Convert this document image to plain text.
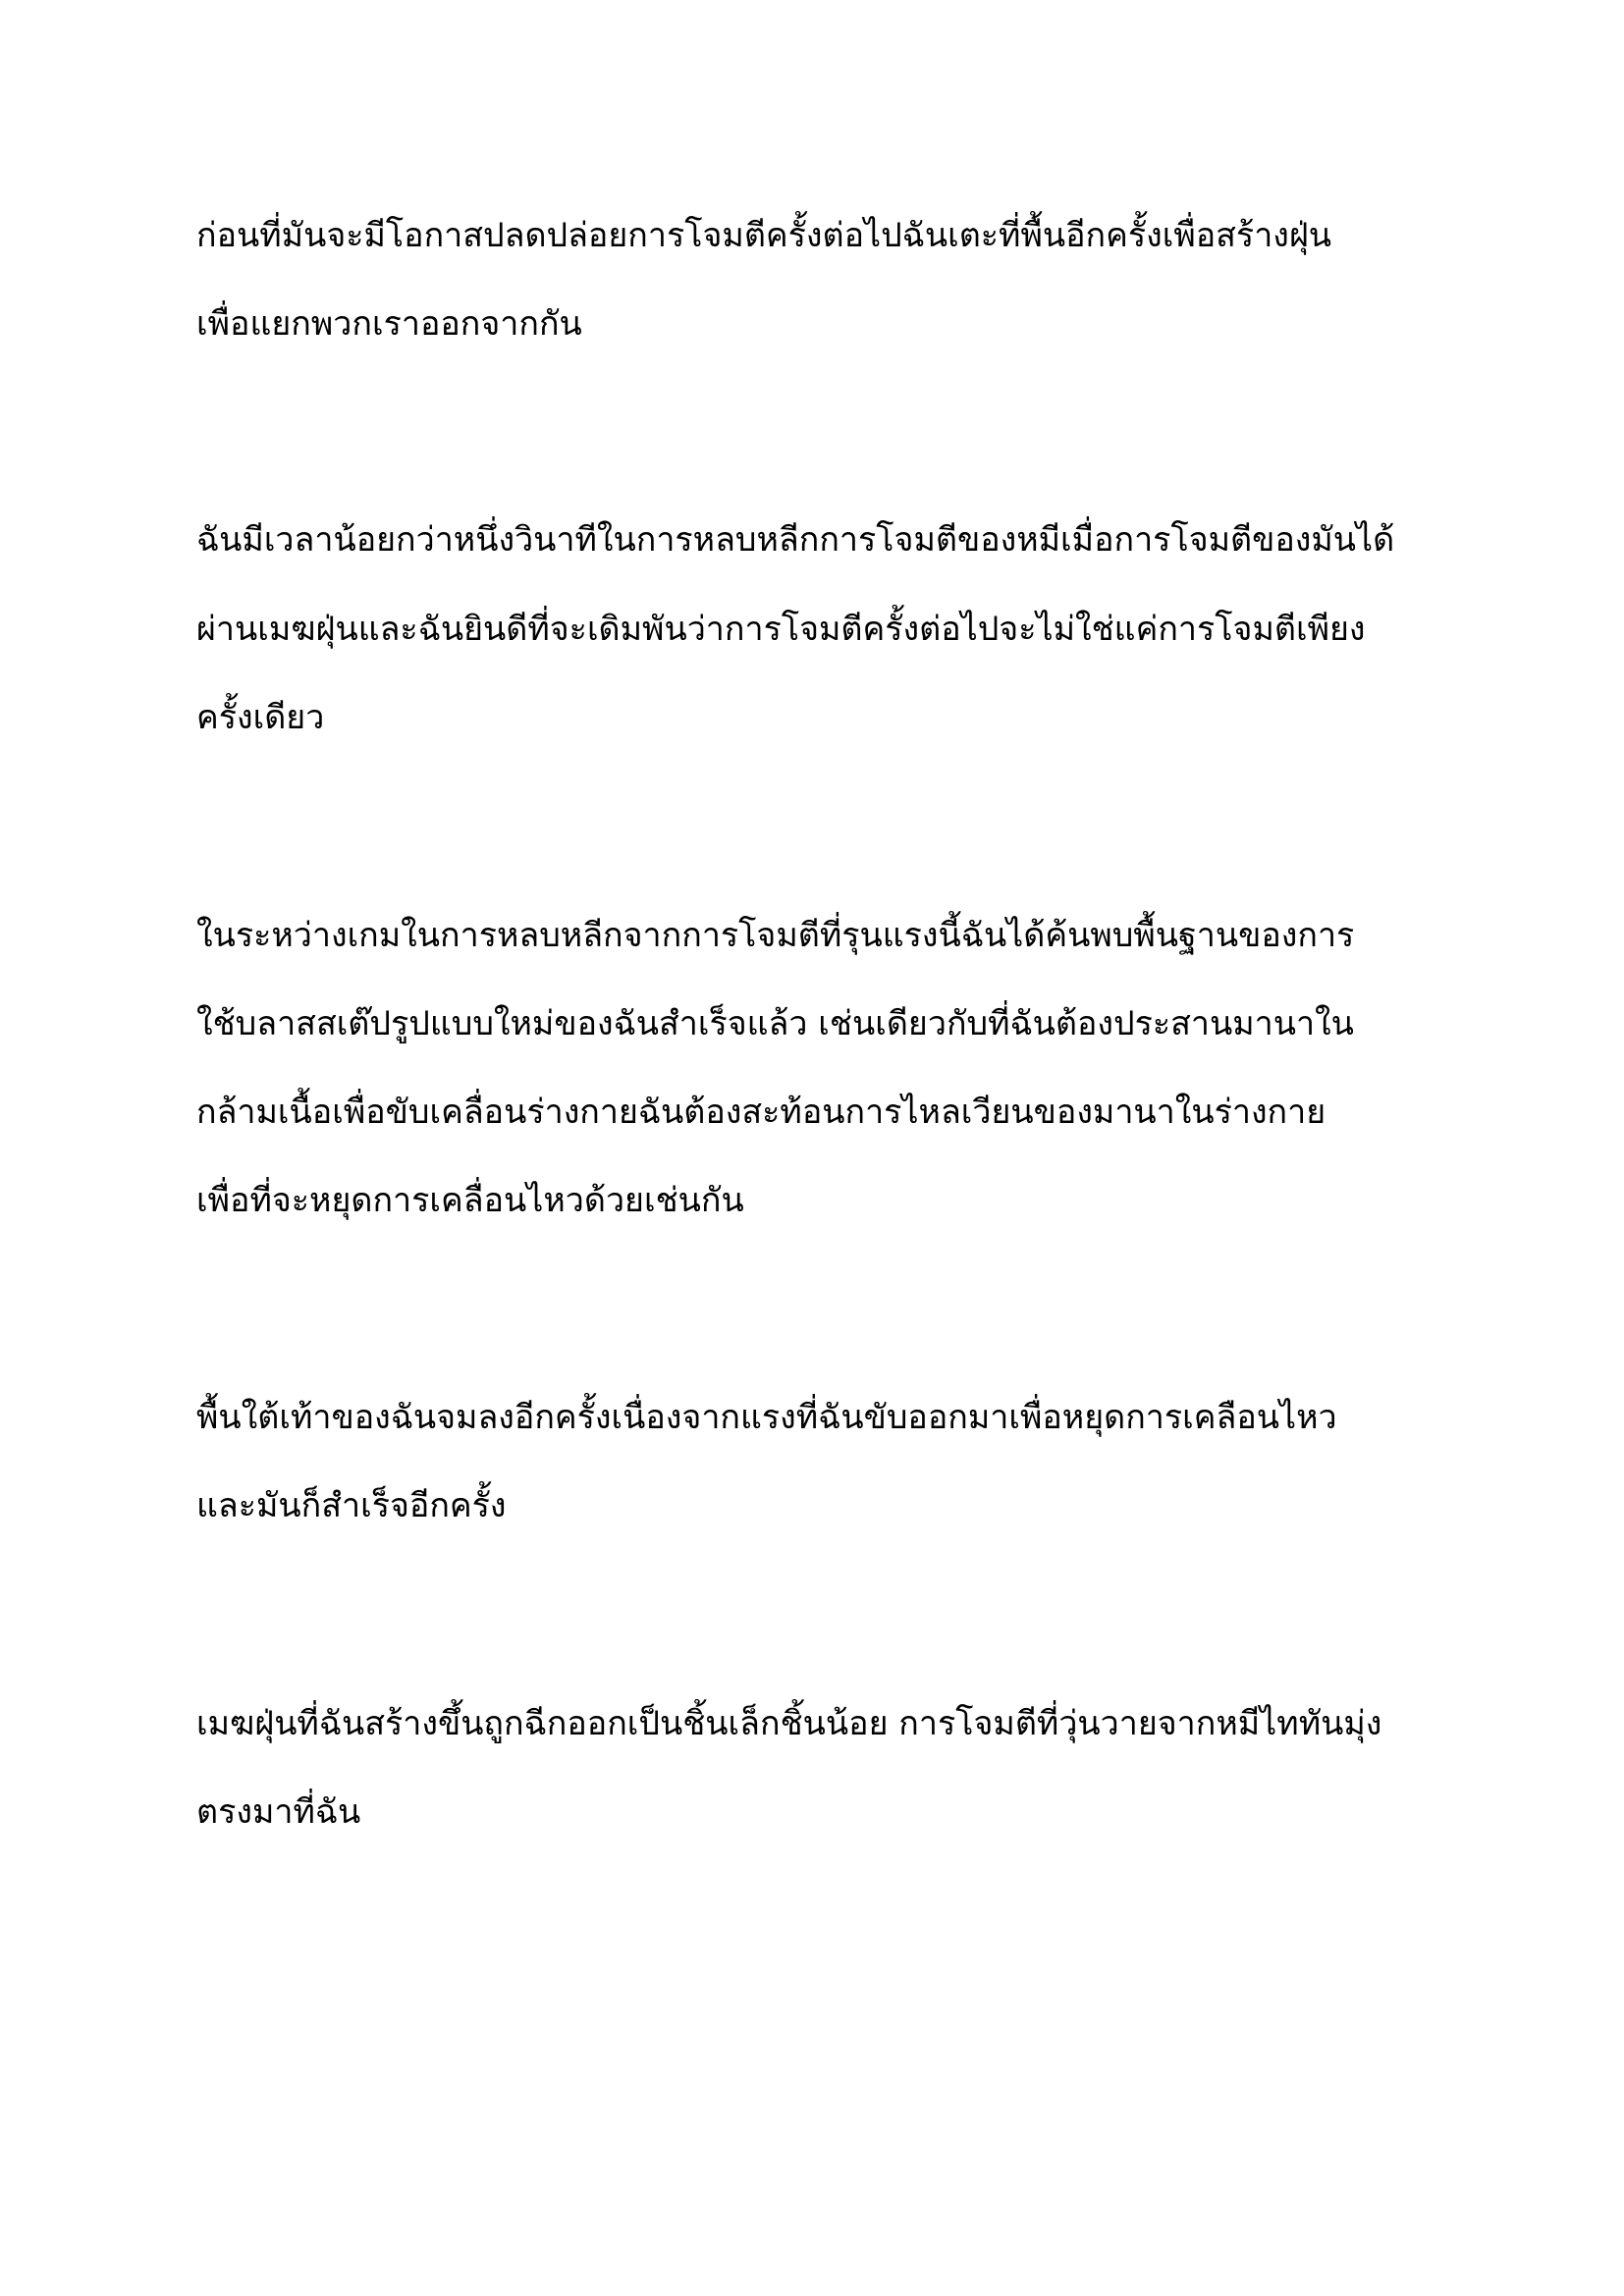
ก่อนที่มันจะมีโอกาสปลดปล่อยการโจมตีครั้งต่อไปฉันเตะที่พื้นอีกครั้งเพื่อสร้างฝุ่น

เพื่อแยกพวกเราออกจากกัน

ฉันมีเวลาน้อยกว่าหนึ่งวินาทีในการหลบหลีกการโจมตีของหมีเมื่อการโจมตีของมันได้

ผ่านเมฆฝุ่นและฉันยินดีที่จะเดิมพันว่าการโจมตีครั้งต่อไปจะไม่ใช่แค่การโจมตีเพียง

ครั้งเดียว

ในระหว่างเกมในการหลบหลีกจากการโจมตีที่รุนแรงนี้ฉันได้ค้นพบพื้นฐานของการ

ใช้บลาสสเต๊ปรูปแบบใหม่ของฉันสำเร็จแล้ว เช่นเดียวกับที่ฉันต้องประสานมานาใน

กล้ามเนื้อเพื่อขับเคลื่อนร่างกายฉันต้องสะท้อนการไหลเวียนของมานาในร่างกาย

เพื่อที่จะหยุดการเคลื่อนไหวด้วยเช่นกัน

พื้นใต้เท้าของฉันจมลงอีกครั้งเนื่องจากแรงที่ฉันขับออกมาเพื่อหยุดการเคลือนไหว

และมันก็สำเร็จอีกครั้ง

เมฆฝุ่นที่ฉันสร้างขึ้นถูกฉีกออกเป็นชิ้นเล็กชิ้นน้อย การโจมตีที่วุ่นวายจากหมีไททันมุ่ง

ตรงมาที่ฉัน
